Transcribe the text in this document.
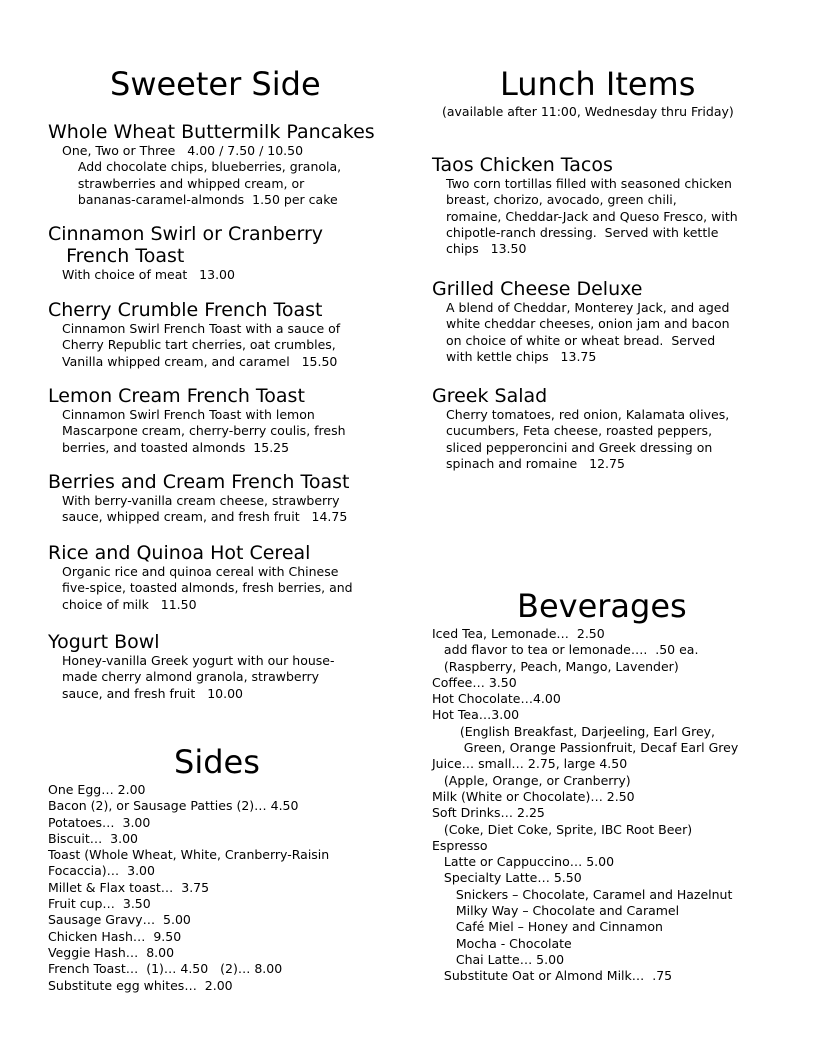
Sweeter Side
Whole Wheat Buttermilk Pancakes
One, Two or Three   4.00 / 7.50 / 10.50
Add chocolate chips, blueberries, granola,
strawberries and whipped cream, or
bananas-caramel-almonds  1.50 per cake
Cinnamon Swirl or Cranberry
French Toast
With choice of meat   13.00
Cherry Crumble French Toast
Cinnamon Swirl French Toast with a sauce of
Cherry Republic tart cherries, oat crumbles,
Vanilla whipped cream, and caramel   15.50
Lemon Cream French Toast
Cinnamon Swirl French Toast with lemon
Mascarpone cream, cherry-berry coulis, fresh
berries, and toasted almonds  15.25
Berries and Cream French Toast
With berry-vanilla cream cheese, strawberry
sauce, whipped cream, and fresh fruit   14.75
Rice and Quinoa Hot Cereal
Organic rice and quinoa cereal with Chinese
five-spice, toasted almonds, fresh berries, and
choice of milk   11.50
Yogurt Bowl
Honey-vanilla Greek yogurt with our house-
made cherry almond granola, strawberry
sauce, and fresh fruit   10.00
Sides
One Egg… 2.00
Bacon (2), or Sausage Patties (2)… 4.50
Potatoes…  3.00
Biscuit…  3.00
Toast (Whole Wheat, White, Cranberry-Raisin
Focaccia)…  3.00
Millet & Flax toast…  3.75
Fruit cup…  3.50
Sausage Gravy…  5.00
Chicken Hash…  9.50
Veggie Hash…  8.00
French Toast…  (1)… 4.50   (2)… 8.00
Substitute egg whites…  2.00
Lunch Items
(available after 11:00, Wednesday thru Friday)
Taos Chicken Tacos
Two corn tortillas filled with seasoned chicken
breast, chorizo, avocado, green chili,
romaine, Cheddar-Jack and Queso Fresco, with
chipotle-ranch dressing.  Served with kettle
chips   13.50
Grilled Cheese Deluxe
A blend of Cheddar, Monterey Jack, and aged
white cheddar cheeses, onion jam and bacon
on choice of white or wheat bread.  Served
with kettle chips   13.75
Greek Salad
Cherry tomatoes, red onion, Kalamata olives,
cucumbers, Feta cheese, roasted peppers,
sliced pepperoncini and Greek dressing on
spinach and romaine   12.75
Beverages
Iced Tea, Lemonade…  2.50
add flavor to tea or lemonade….  .50 ea.
(Raspberry, Peach, Mango, Lavender)
Coffee… 3.50
Hot Chocolate…4.00
Hot Tea…3.00
(English Breakfast, Darjeeling, Earl Grey,
Green, Orange Passionfruit, Decaf Earl Grey
Juice… small… 2.75, large 4.50
(Apple, Orange, or Cranberry)
Milk (White or Chocolate)… 2.50
Soft Drinks… 2.25
(Coke, Diet Coke, Sprite, IBC Root Beer)
Espresso
Latte or Cappuccino… 5.00
Specialty Latte… 5.50
Snickers – Chocolate, Caramel and Hazelnut
Milky Way – Chocolate and Caramel
Café Miel – Honey and Cinnamon
Mocha - Chocolate
Chai Latte… 5.00
Substitute Oat or Almond Milk…  .75
